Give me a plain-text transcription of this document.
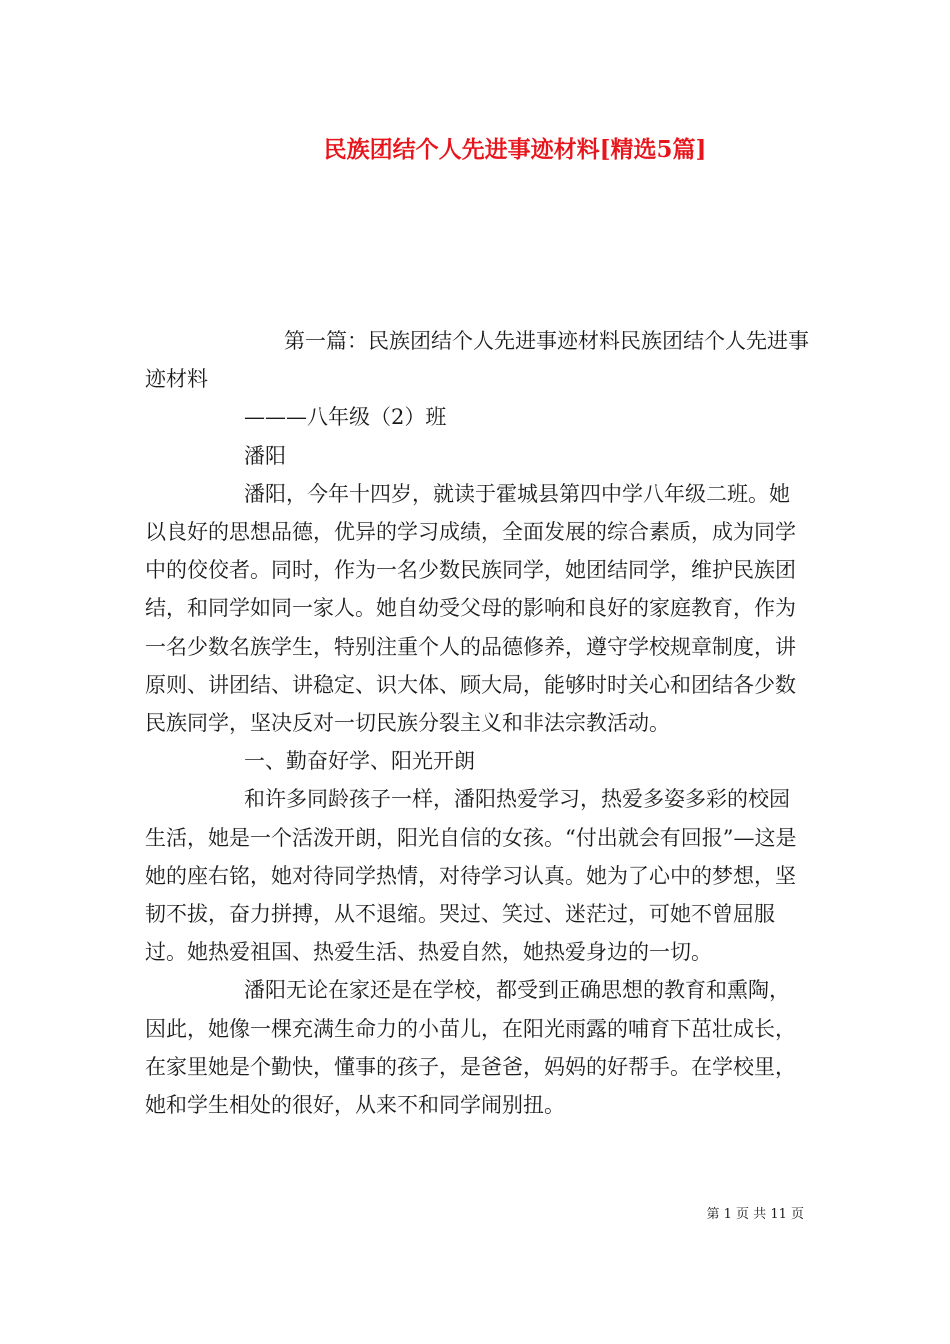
民族团结个人先进事迹材料[精选5篇]

第一篇：民族团结个人先进事迹材料民族团结个人先进事迹材料

———八年级（2）班

潘阳

潘阳，今年十四岁，就读于霍城县第四中学八年级二班。她以良好的思想品德，优异的学习成绩，全面发展的综合素质，成为同学中的佼佼者。同时，作为一名少数民族同学，她团结同学，维护民族团结，和同学如同一家人。她自幼受父母的影响和良好的家庭教育，作为一名少数名族学生，特别注重个人的品德修养，遵守学校规章制度，讲原则、讲团结、讲稳定、识大体、顾大局，能够时时关心和团结各少数民族同学，坚决反对一切民族分裂主义和非法宗教活动。

一、勤奋好学、阳光开朗

和许多同龄孩子一样，潘阳热爱学习，热爱多姿多彩的校园生活，她是一个活泼开朗，阳光自信的女孩。“付出就会有回报”—这是她的座右铭，她对待同学热情，对待学习认真。她为了心中的梦想，坚韧不拔，奋力拼搏，从不退缩。哭过、笑过、迷茫过，可她不曾屈服过。她热爱祖国、热爱生活、热爱自然，她热爱身边的一切。

潘阳无论在家还是在学校，都受到正确思想的教育和熏陶，因此，她像一棵充满生命力的小苗儿，在阳光雨露的哺育下茁壮成长，在家里她是个勤快，懂事的孩子，是爸爸，妈妈的好帮手。在学校里，她和学生相处的很好，从来不和同学闹别扭。

第 1 页 共 11 页
